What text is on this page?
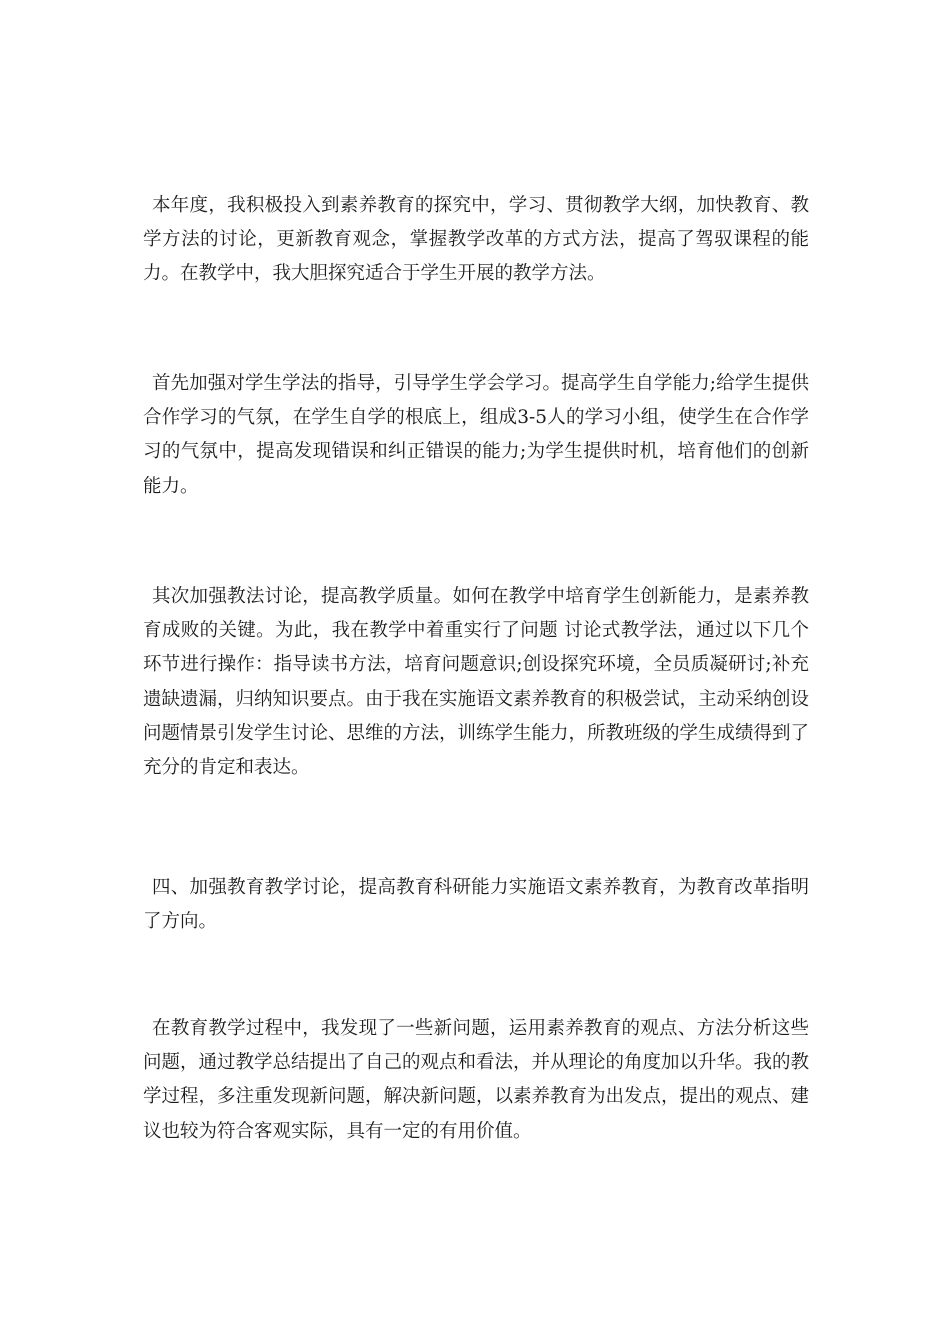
本年度，我积极投入到素养教育的探究中，学习、贯彻教学大纲，加快教育、教学方法的讨论，更新教育观念，掌握教学改革的方式方法，提高了驾驭课程的能力。在教学中，我大胆探究适合于学生开展的教学方法。

首先加强对学生学法的指导，引导学生学会学习。提高学生自学能力;给学生提供合作学习的气氛，在学生自学的根底上，组成3-5人的学习小组，使学生在合作学习的气氛中，提高发现错误和纠正错误的能力;为学生提供时机，培育他们的创新能力。

其次加强教法讨论，提高教学质量。如何在教学中培育学生创新能力，是素养教育成败的关键。为此，我在教学中着重实行了问题 讨论式教学法，通过以下几个环节进行操作：指导读书方法，培育问题意识;创设探究环境，全员质凝研讨;补充遗缺遗漏，归纳知识要点。由于我在实施语文素养教育的积极尝试，主动采纳创设问题情景引发学生讨论、思维的方法，训练学生能力，所教班级的学生成绩得到了充分的肯定和表达。

四、加强教育教学讨论，提高教育科研能力实施语文素养教育，为教育改革指明了方向。

在教育教学过程中，我发现了一些新问题，运用素养教育的观点、方法分析这些问题，通过教学总结提出了自己的观点和看法，并从理论的角度加以升华。我的教学过程，多注重发现新问题，解决新问题，以素养教育为出发点，提出的观点、建议也较为符合客观实际，具有一定的有用价值。
